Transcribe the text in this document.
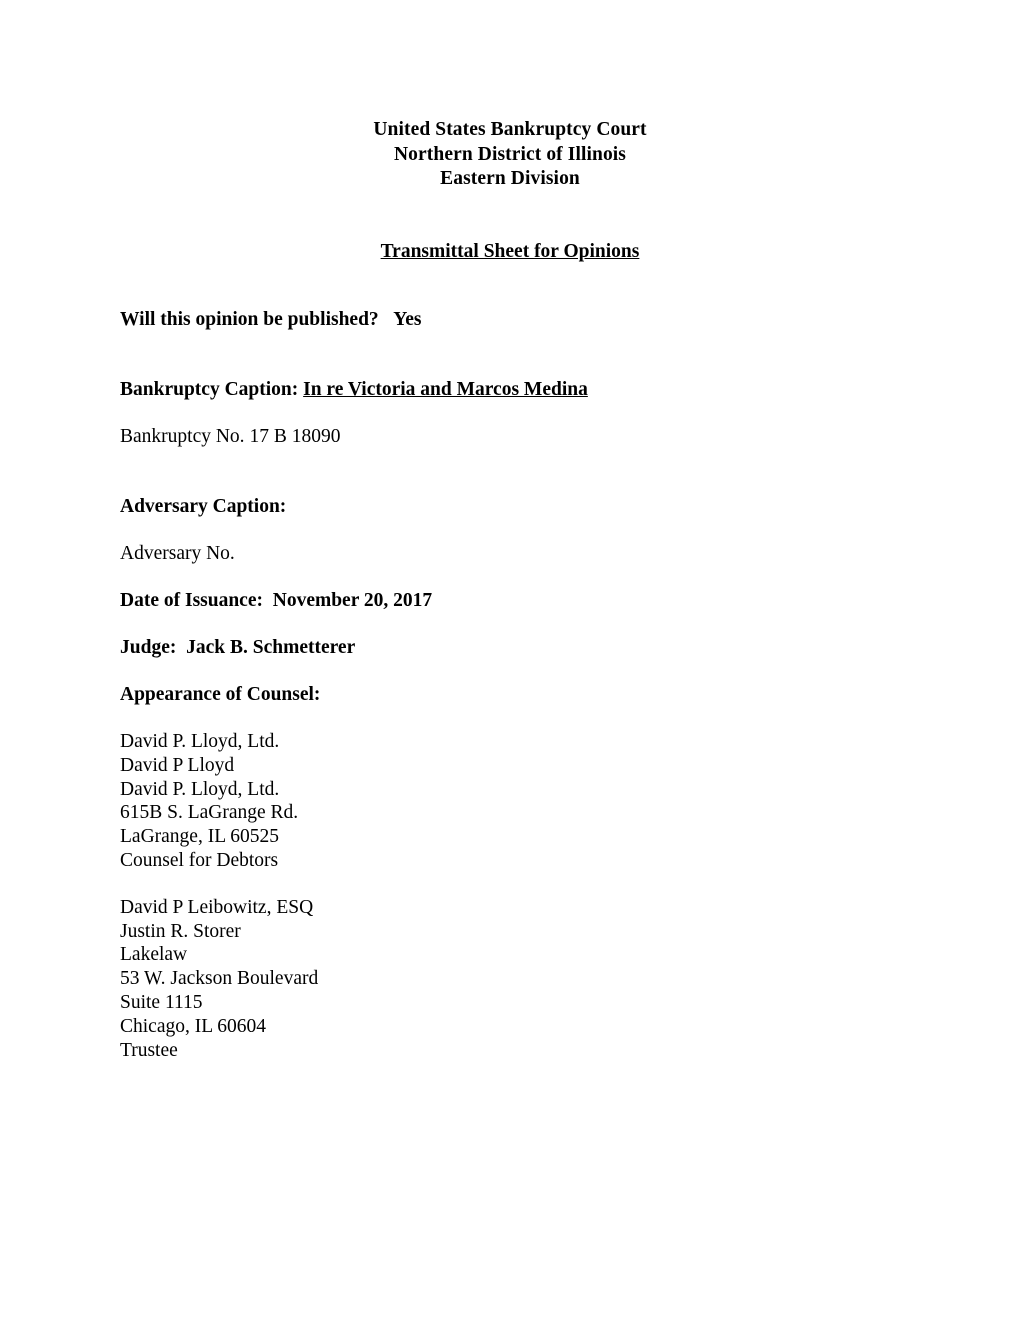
United States Bankruptcy Court
Northern District of Illinois
Eastern Division
Transmittal Sheet for Opinions
Will this opinion be published? Yes
Bankruptcy Caption: In re Victoria and Marcos Medina
Bankruptcy No. 17 B 18090
Adversary Caption:
Adversary No.
Date of Issuance: November 20, 2017
Judge: Jack B. Schmetterer
Appearance of Counsel:
David P. Lloyd, Ltd.
David P Lloyd
David P. Lloyd, Ltd.
615B S. LaGrange Rd.
LaGrange, IL 60525
Counsel for Debtors
David P Leibowitz, ESQ
Justin R. Storer
Lakelaw
53 W. Jackson Boulevard
Suite 1115
Chicago, IL 60604
Trustee
